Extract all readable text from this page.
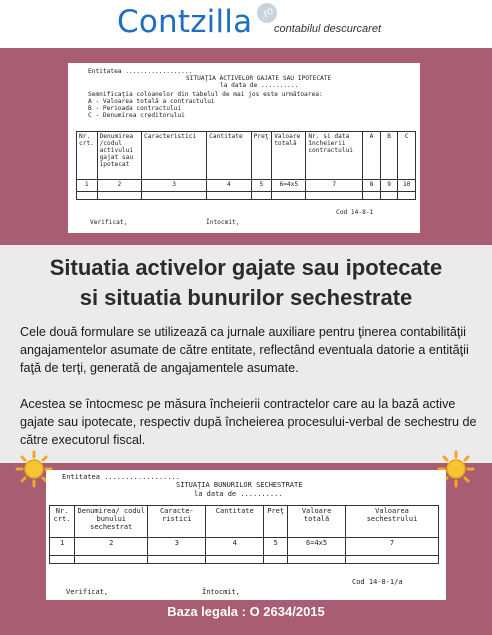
Contzilla .ro
contabilul descurcaret
Entitatea ..................
SITUAŢIA ACTIVELOR GAJATE SAU IPOTECATE
la data de ..........
Semnificaţia coloanelor din tabelul de mai jos este următoarea:
A - Valoarea totală a contractului
B - Perioada contractului
C - Denumirea creditorului
Nr. crt.	Denumirea /codul activului gajat sau ipotecat	Caracteristici	Cantitate	Preţ	Valoare totală	Nr. si data încheierii contractului	A	B	C
1	2	3	4	5	6=4x5	7	8	9	10

Cod 14-8-1
Verificat,	Întocmit,
Situatia activelor gajate sau ipotecate
si situatia bunurilor sechestrate
Cele două formulare se utilizează ca jurnale auxiliare pentru ţinerea contabilităţii angajamentelor asumate de către entitate, reflectând eventuala datorie a entităţii faţă de terţi, generată de angajamentele asumate.
Acestea se întocmesc pe măsura încheierii contractelor care au la bază active gajate sau ipotecate, respectiv după încheierea procesului-verbal de sechestru de către executorul fiscal.
Entitatea ..................
SITUAŢIA BUNURILOR SECHESTRATE
la data de ..........
Nr. crt.	Denumirea/ codul bunului sechestrat	Caracte- ristici	Cantitate	Preţ	Valoare totală	Valoarea sechestrului
1	2	3	4	5	6=4x5	7

Cod 14-8-1/a
Verificat,	Întocmit,
Baza legala : O 2634/2015
